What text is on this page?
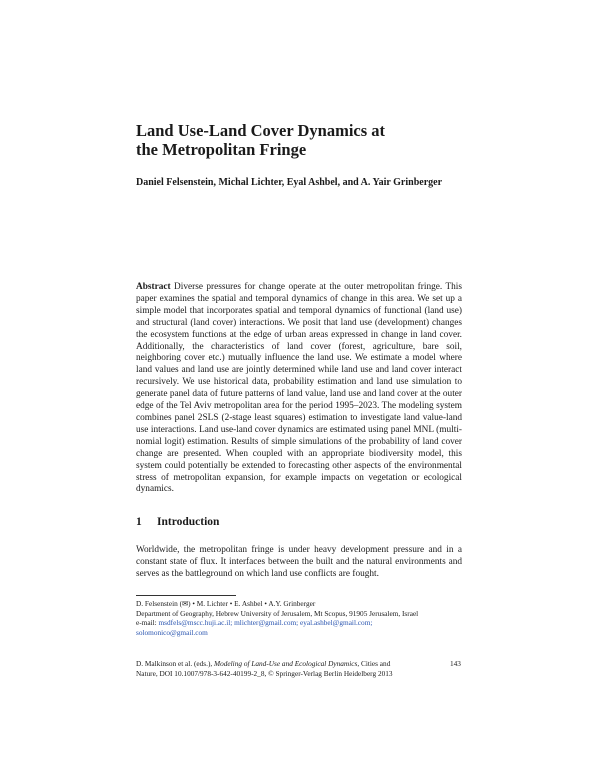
Land Use-Land Cover Dynamics at
the Metropolitan Fringe
Daniel Felsenstein, Michal Lichter, Eyal Ashbel, and A. Yair Grinberger

Abstract Diverse pressures for change operate at the outer metropolitan fringe. This paper examines the spatial and temporal dynamics of change in this area. We set up a simple model that incorporates spatial and temporal dynamics of functional (land use) and structural (land cover) interactions. We posit that land use (development) changes the ecosystem functions at the edge of urban areas expressed in change in land cover. Additionally, the characteristics of land cover (forest, agriculture, bare soil, neighboring cover etc.) mutually influence the land use. We estimate a model where land values and land use are jointly determined while land use and land cover interact recursively. We use historical data, probability estimation and land use simulation to generate panel data of future patterns of land value, land use and land cover at the outer edge of the Tel Aviv metropolitan area for the period 1995–2023. The modeling system combines panel 2SLS (2-stage least squares) estimation to investigate land value-land use interactions. Land use-land cover dynamics are estimated using panel MNL (multi-nomial logit) estimation. Results of simple simulations of the probability of land cover change are presented. When coupled with an appropriate biodiversity model, this system could potentially be extended to forecasting other aspects of the environmental stress of metropolitan expansion, for example impacts on vegetation or ecological dynamics.

1 Introduction

Worldwide, the metropolitan fringe is under heavy development pressure and in a constant state of flux. It interfaces between the built and the natural environments and serves as the battleground on which land use conflicts are fought.

D. Felsenstein (✉) • M. Lichter • E. Ashbel • A.Y. Grinberger
Department of Geography, Hebrew University of Jerusalem, Mt Scopus, 91905 Jerusalem, Israel
e-mail: msdfels@mscc.huji.ac.il; mlichter@gmail.com; eyal.ashbel@gmail.com;
solomonico@gmail.com
D. Malkinson et al. (eds.), Modeling of Land-Use and Ecological Dynamics, Cities and
Nature, DOI 10.1007/978-3-642-40199-2_8, © Springer-Verlag Berlin Heidelberg 2013
143
